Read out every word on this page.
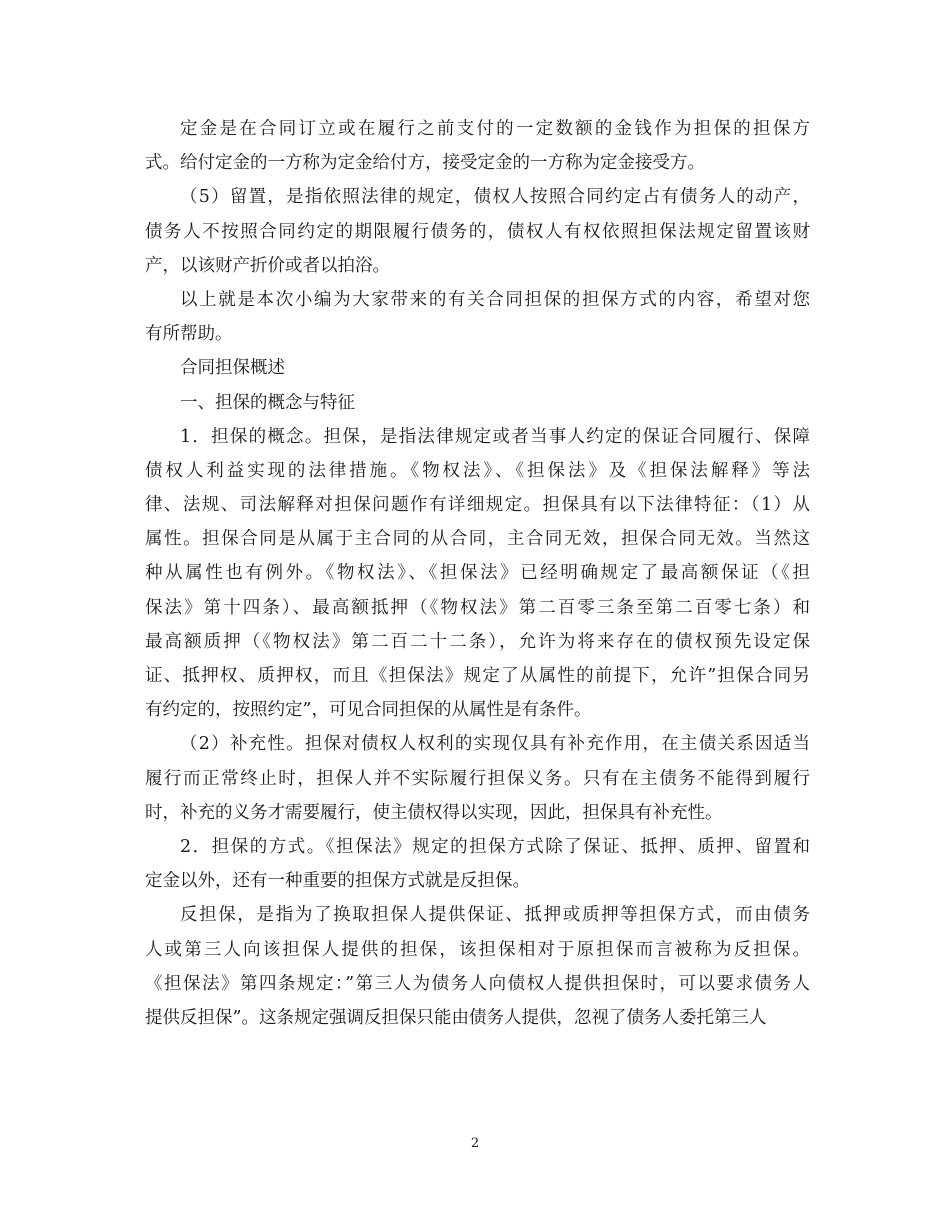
定金是在合同订立或在履行之前支付的一定数额的金钱作为担保的担保方
式。给付定金的一方称为定金给付方，接受定金的一方称为定金接受方。
（5）留置，是指依照法律的规定，债权人按照合同约定占有债务人的动产，
债务人不按照合同约定的期限履行债务的，债权人有权依照担保法规定留置该财
产，以该财产折价或者以拍浴。
以上就是本次小编为大家带来的有关合同担保的担保方式的内容，希望对您
有所帮助。
合同担保概述
一、担保的概念与特征
1．担保的概念。担保，是指法律规定或者当事人约定的保证合同履行、保障
债权人利益实现的法律措施。《物权法》、《担保法》及《担保法解释》等法
律、法规、司法解释对担保问题作有详细规定。担保具有以下法律特征：（1）从
属性。担保合同是从属于主合同的从合同，主合同无效，担保合同无效。当然这
种从属性也有例外。《物权法》、《担保法》已经明确规定了最高额保证（《担
保法》第十四条）、最高额抵押（《物权法》第二百零三条至第二百零七条）和
最高额质押（《物权法》第二百二十二条），允许为将来存在的债权预先设定保
证、抵押权、质押权，而且《担保法》规定了从属性的前提下，允许”担保合同另
有约定的，按照约定”，可见合同担保的从属性是有条件。
（2）补充性。担保对债权人权利的实现仅具有补充作用，在主债关系因适当
履行而正常终止时，担保人并不实际履行担保义务。只有在主债务不能得到履行
时，补充的义务才需要履行，使主债权得以实现，因此，担保具有补充性。
2．担保的方式。《担保法》规定的担保方式除了保证、抵押、质押、留置和
定金以外，还有一种重要的担保方式就是反担保。
反担保，是指为了换取担保人提供保证、抵押或质押等担保方式，而由债务
人或第三人向该担保人提供的担保，该担保相对于原担保而言被称为反担保。
《担保法》第四条规定：”第三人为债务人向债权人提供担保时，可以要求债务人
提供反担保”。这条规定强调反担保只能由债务人提供，忽视了债务人委托第三人
2
